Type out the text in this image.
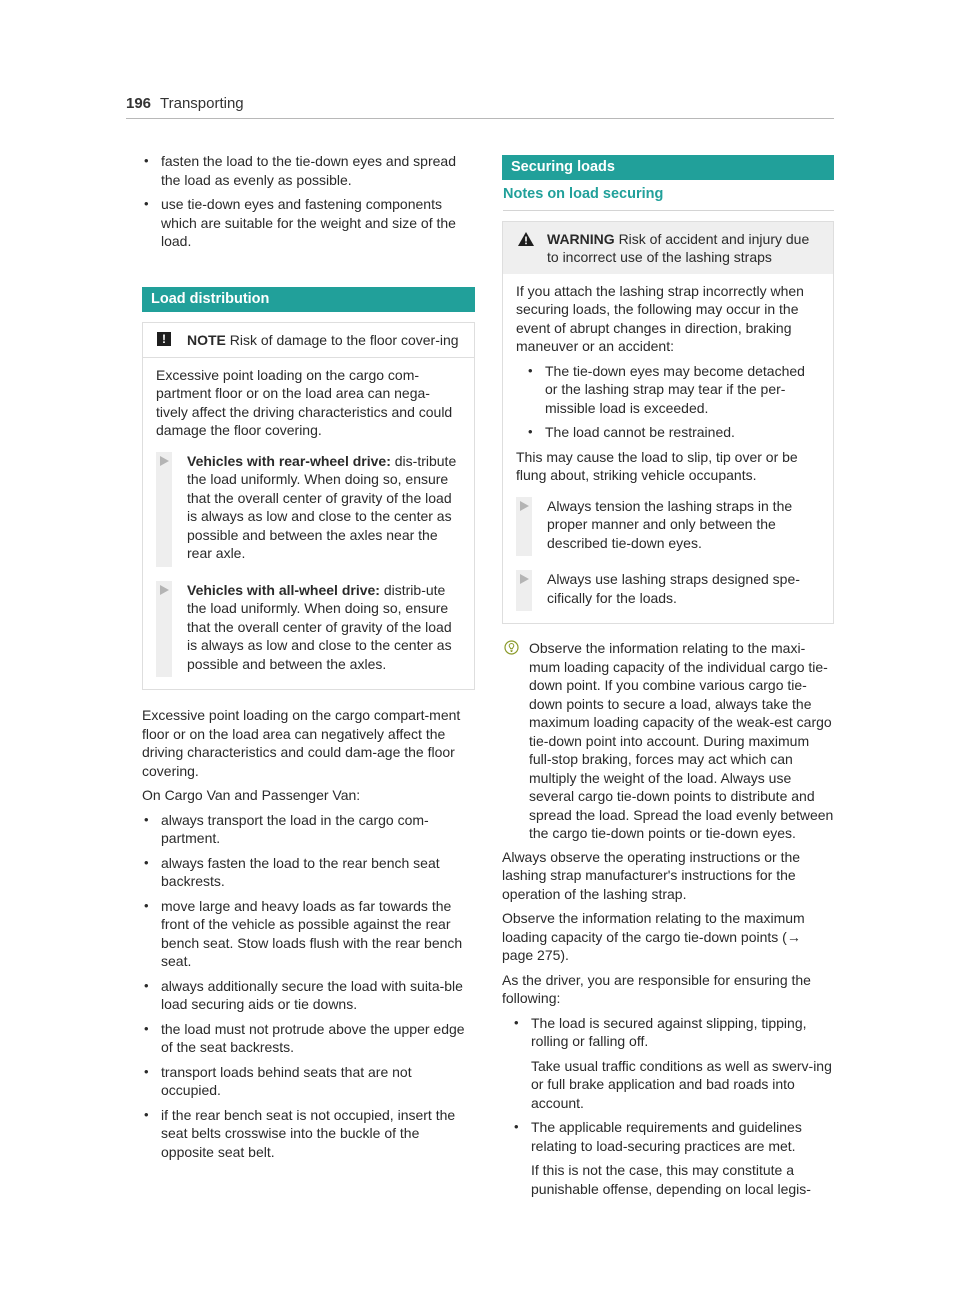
196 Transporting
• fasten the load to the tie-down eyes and spread the load as evenly as possible.
• use tie-down eyes and fastening components which are suitable for the weight and size of the load.
Load distribution
!	NOTE Risk of damage to the floor cover-ing

Excessive point loading on the cargo com-partment floor or on the load area can nega-tively affect the driving characteristics and could damage the floor covering.

Vehicles with rear-wheel drive: dis-tribute the load uniformly. When doing so, ensure that the overall center of gravity of the load is always as low and close to the center as possible and between the axles near the rear axle.
Vehicles with all-wheel drive: distrib-ute the load uniformly. When doing so, ensure that the overall center of gravity of the load is always as low and close to the center as possible and between the axles.

Excessive point loading on the cargo compart-ment floor or on the load area can negatively affect the driving characteristics and could dam-age the floor covering.

On Cargo Van and Passenger Van:

• always transport the load in the cargo com-partment.
• always fasten the load to the rear bench seat backrests.
• move large and heavy loads as far towards the front of the vehicle as possible against the rear bench seat. Stow loads flush with the rear bench seat.
• always additionally secure the load with suita-ble load securing aids or tie downs.
• the load must not protrude above the upper edge of the seat backrests.
• transport loads behind seats that are not occupied.
• if the rear bench seat is not occupied, insert the seat belts crosswise into the buckle of the opposite seat belt.
Securing loads
Notes on load securing
WARNING Risk of accident and injury due to incorrect use of the lashing straps

If you attach the lashing strap incorrectly when securing loads, the following may occur in the event of abrupt changes in direction, braking maneuver or an accident:

• The tie-down eyes may become detached or the lashing strap may tear if the per-missible load is exceeded.
• The load cannot be restrained.

This may cause the load to slip, tip over or be flung about, striking vehicle occupants.

Always tension the lashing straps in the proper manner and only between the described tie-down eyes.
Always use lashing straps designed spe-cifically for the loads.
Observe the information relating to the maxi-mum loading capacity of the individual cargo tie-down point. If you combine various cargo tie-down points to secure a load, always take the maximum loading capacity of the weak-est cargo tie-down point into account. During maximum full-stop braking, forces may act which can multiply the weight of the load. Always use several cargo tie-down points to distribute and spread the load. Spread the load evenly between the cargo tie-down points or tie-down eyes.

Always observe the operating instructions or the lashing strap manufacturer's instructions for the operation of the lashing strap.

Observe the information relating to the maximum loading capacity of the cargo tie-down points (→ page 275).

As the driver, you are responsible for ensuring the following:

• The load is secured against slipping, tipping, rolling or falling off.
Take usual traffic conditions as well as swerv-ing or full brake application and bad roads into account.
• The applicable requirements and guidelines relating to load-securing practices are met.
If this is not the case, this may constitute a punishable offense, depending on local legis-
